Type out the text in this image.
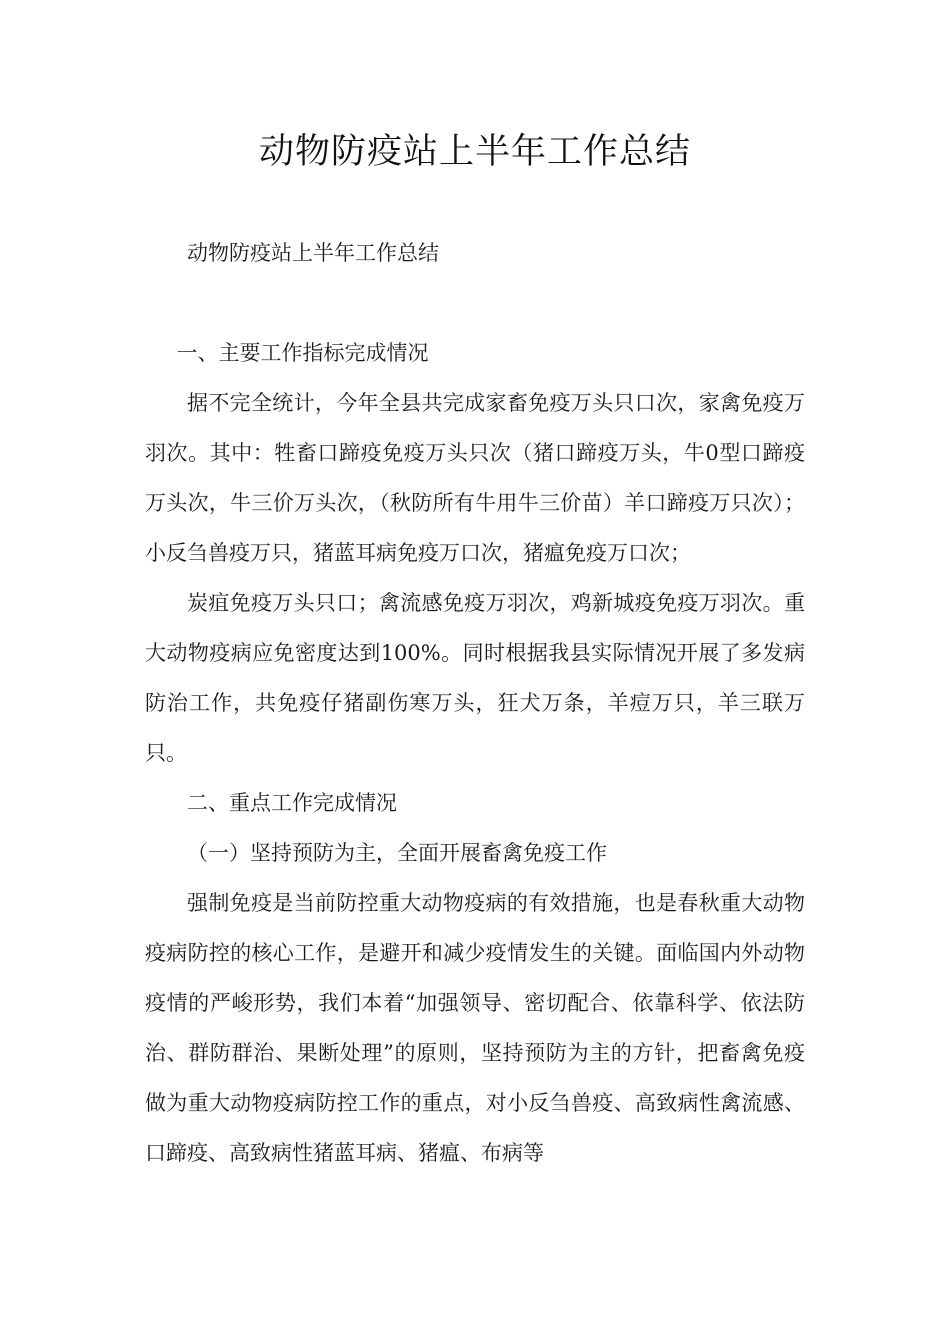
动物防疫站上半年工作总结

动物防疫站上半年工作总结

一、主要工作指标完成情况

据不完全统计，今年全县共完成家畜免疫万头只口次，家禽免疫万羽次。其中：牲畜口蹄疫免疫万头只次（猪口蹄疫万头，牛0型口蹄疫万头次，牛三价万头次，（秋防所有牛用牛三价苗）羊口蹄疫万只次）；小反刍兽疫万只，猪蓝耳病免疫万口次，猪瘟免疫万口次；

炭疽免疫万头只口；禽流感免疫万羽次，鸡新城疫免疫万羽次。重大动物疫病应免密度达到100%。同时根据我县实际情况开展了多发病防治工作，共免疫仔猪副伤寒万头，狂犬万条，羊痘万只，羊三联万只。

二、重点工作完成情况

（一）坚持预防为主，全面开展畜禽免疫工作

强制免疫是当前防控重大动物疫病的有效措施，也是春秋重大动物疫病防控的核心工作，是避开和减少疫情发生的关键。面临国内外动物疫情的严峻形势，我们本着“加强领导、密切配合、依靠科学、依法防治、群防群治、果断处理”的原则，坚持预防为主的方针，把畜禽免疫做为重大动物疫病防控工作的重点，对小反刍兽疫、高致病性禽流感、口蹄疫、高致病性猪蓝耳病、猪瘟、布病等
